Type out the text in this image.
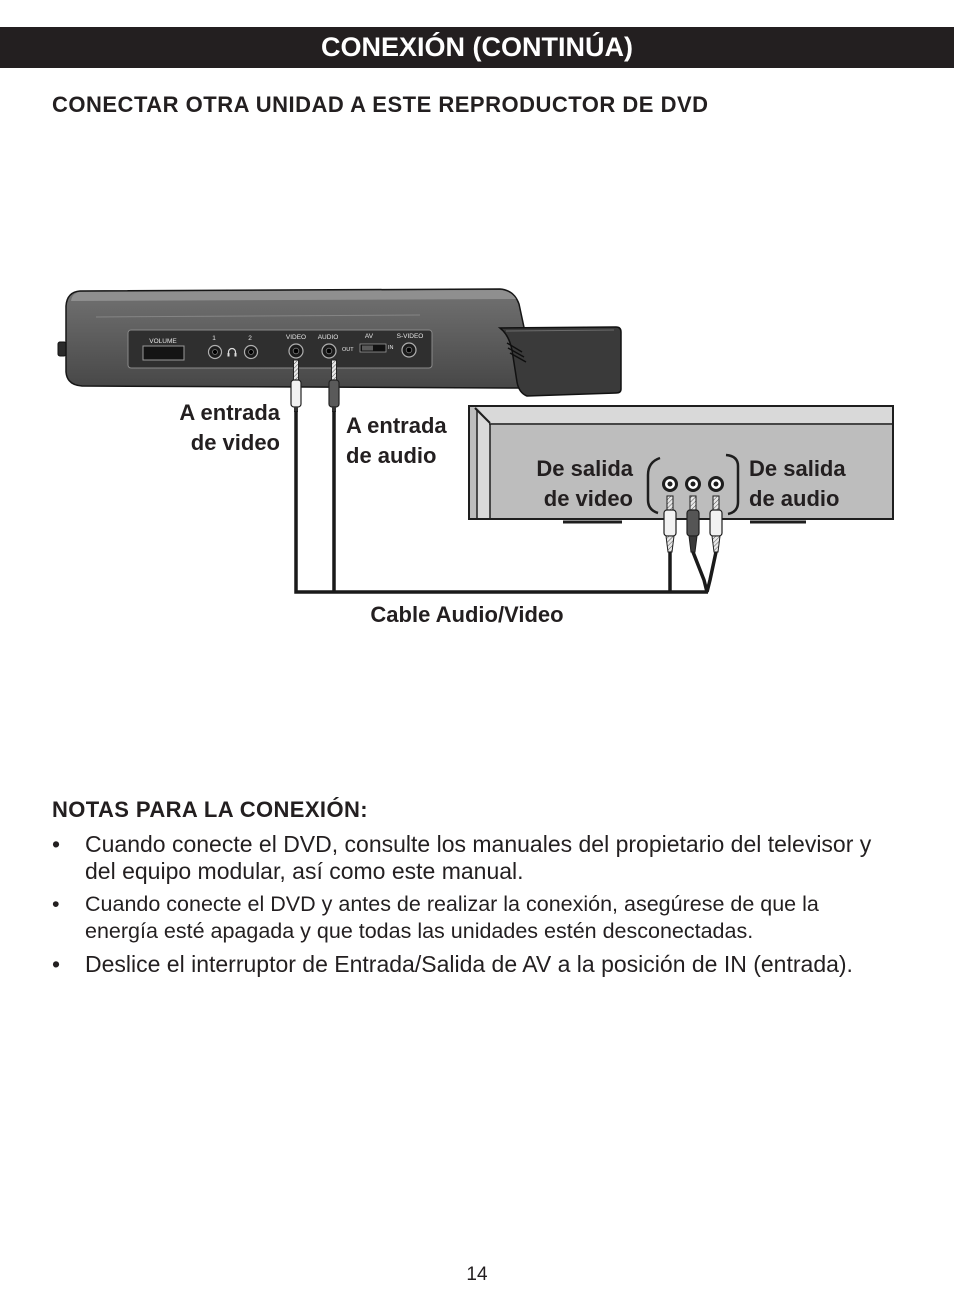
CONEXIÓN (CONTINÚA)
CONECTAR OTRA UNIDAD A ESTE REPRODUCTOR DE DVD
VOLUME	1	2	VIDEO AUDIO	AV
OUT	IN
S-VIDEO
A entrada
de video
A entrada
de audio
De salida
de video
De salida
de audio
Cable Audio/Video
NOTAS PARA LA CONEXIÓN:
• Cuando conecte el DVD, consulte los manuales del propietario del televisor y del equipo modular, así como este manual.
• Cuando conecte el DVD y antes de realizar la conexión, asegúrese de que la energía esté apagada y que todas las unidades estén desconectadas.
• Deslice el interruptor de Entrada/Salida de AV a la posición de IN (entrada).
14
